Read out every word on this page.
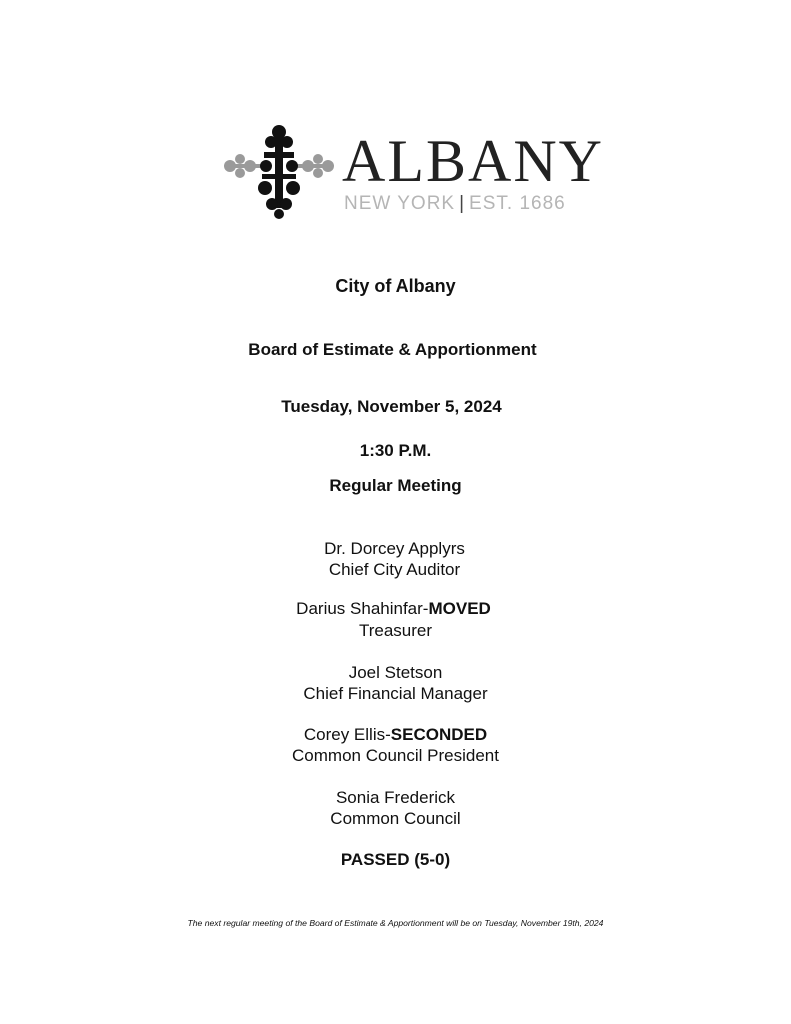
ALBANY
NEW YORK | EST. 1686
City of Albany
Board of Estimate & Apportionment
Tuesday, November 5, 2024
1:30 P.M.
Regular Meeting
Dr. Dorcey Applyrs
Chief City Auditor
Darius Shahinfar-MOVED
Treasurer
Joel Stetson
Chief Financial Manager
Corey Ellis-SECONDED
Common Council President
Sonia Frederick
Common Council
PASSED (5-0)
The next regular meeting of the Board of Estimate & Apportionment will be on Tuesday, November 19th, 2024
